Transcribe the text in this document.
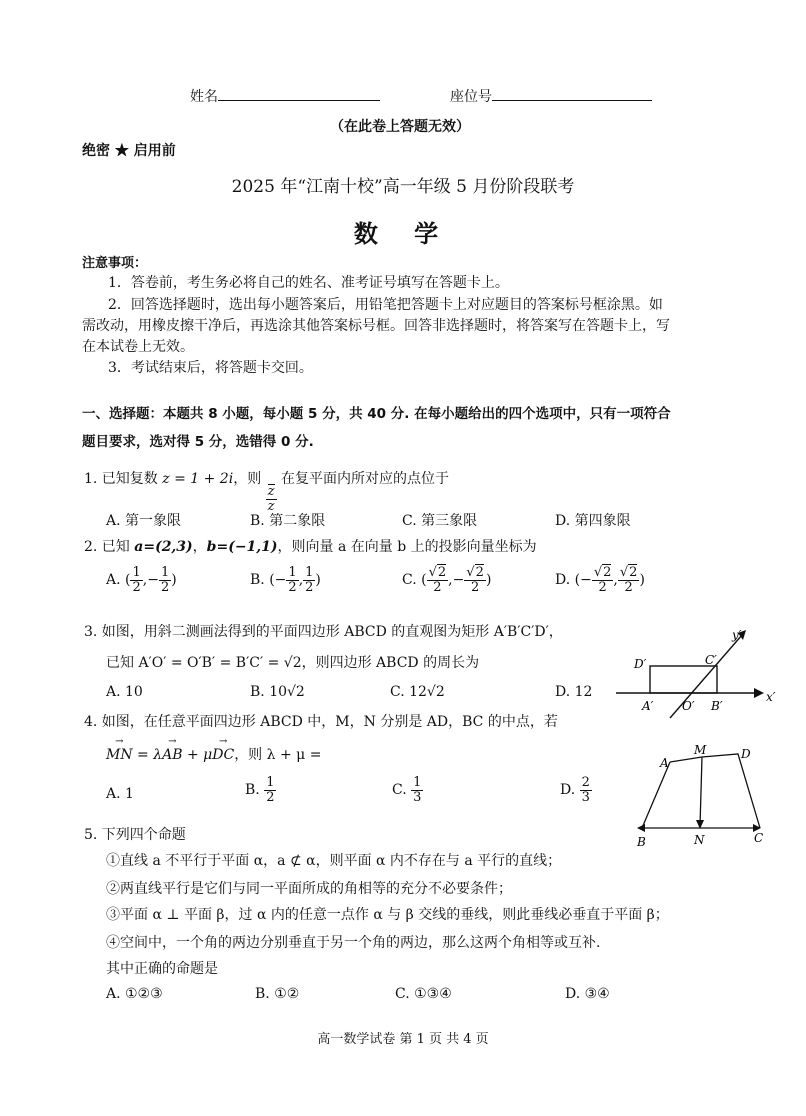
姓名	座位号
（在此卷上答题无效）
绝密 ★ 启用前
2025 年“江南十校”高一年级 5 月份阶段联考
数 学
注意事项：
1．答卷前，考生务必将自己的姓名、准考证号填写在答题卡上。
2．回答选择题时，选出每小题答案后，用铅笔把答题卡上对应题目的答案标号框涂黑。如
需改动，用橡皮擦干净后，再选涂其他答案标号框。回答非选择题时，将答案写在答题卡上，写
在本试卷上无效。
3．考试结束后，将答题卡交回。
一、选择题：本题共 8 小题，每小题 5 分，共 40 分. 在每小题给出的四个选项中，只有一项符合
题目要求，选对得 5 分，选错得 0 分.
1. 已知复数 z = 1 + 2i，则
$\frac{z}{z}$
在复平面内所对应的点位于
A. 第一象限	B. 第二象限	C. 第三象限	D. 第四象限
2. 已知 a=(2,3)，b=(−1,1)，则向量 a 在向量 b 上的投影向量坐标为
A. ( $\frac{1}{2}$ ,− $\frac{1}{2}$ )	B. (− $\frac{1}{2}$ , $\frac{1}{2}$ )	C. ( $\frac{√2}{2}$ ,− $\frac{√2}{2}$ )	D. (− $\frac{√2}{2}$ , $\frac{√2}{2}$ )
3. 如图，用斜二测画法得到的平面四边形 ABCD 的直观图为矩形 A′B′C′D′，
已知 A′O′ = O′B′ = B′C′ = √2，则四边形 ABCD 的周长为
A. 10	B. 10√2	C. 12√2	D. 12
D′	C′
A′ O′ B′
x′
y′
4. 如图，在任意平面四边形 ABCD 中，M，N 分别是 AD，BC 的中点，若
→ MN = λ→ AB + μ→ DC，则 λ + μ =
A. 1	B. $\frac{1}{2}$	C. $\frac{1}{3}$	D. $\frac{2}{3}$
A
M	D
B	N	C
5. 下列四个命题
①直线 a 不平行于平面 α，a ⊄ α，则平面 α 内不存在与 a 平行的直线；
②两直线平行是它们与同一平面所成的角相等的充分不必要条件；
③平面 α ⊥ 平面 β，过 α 内的任意一点作 α 与 β 交线的垂线，则此垂线必垂直于平面 β；
④空间中，一个角的两边分别垂直于另一个角的两边，那么这两个角相等或互补.
其中正确的命题是
A. ①②③	B. ①②	C. ①③④	D. ③④
高一数学试卷 第 1 页 共 4 页
